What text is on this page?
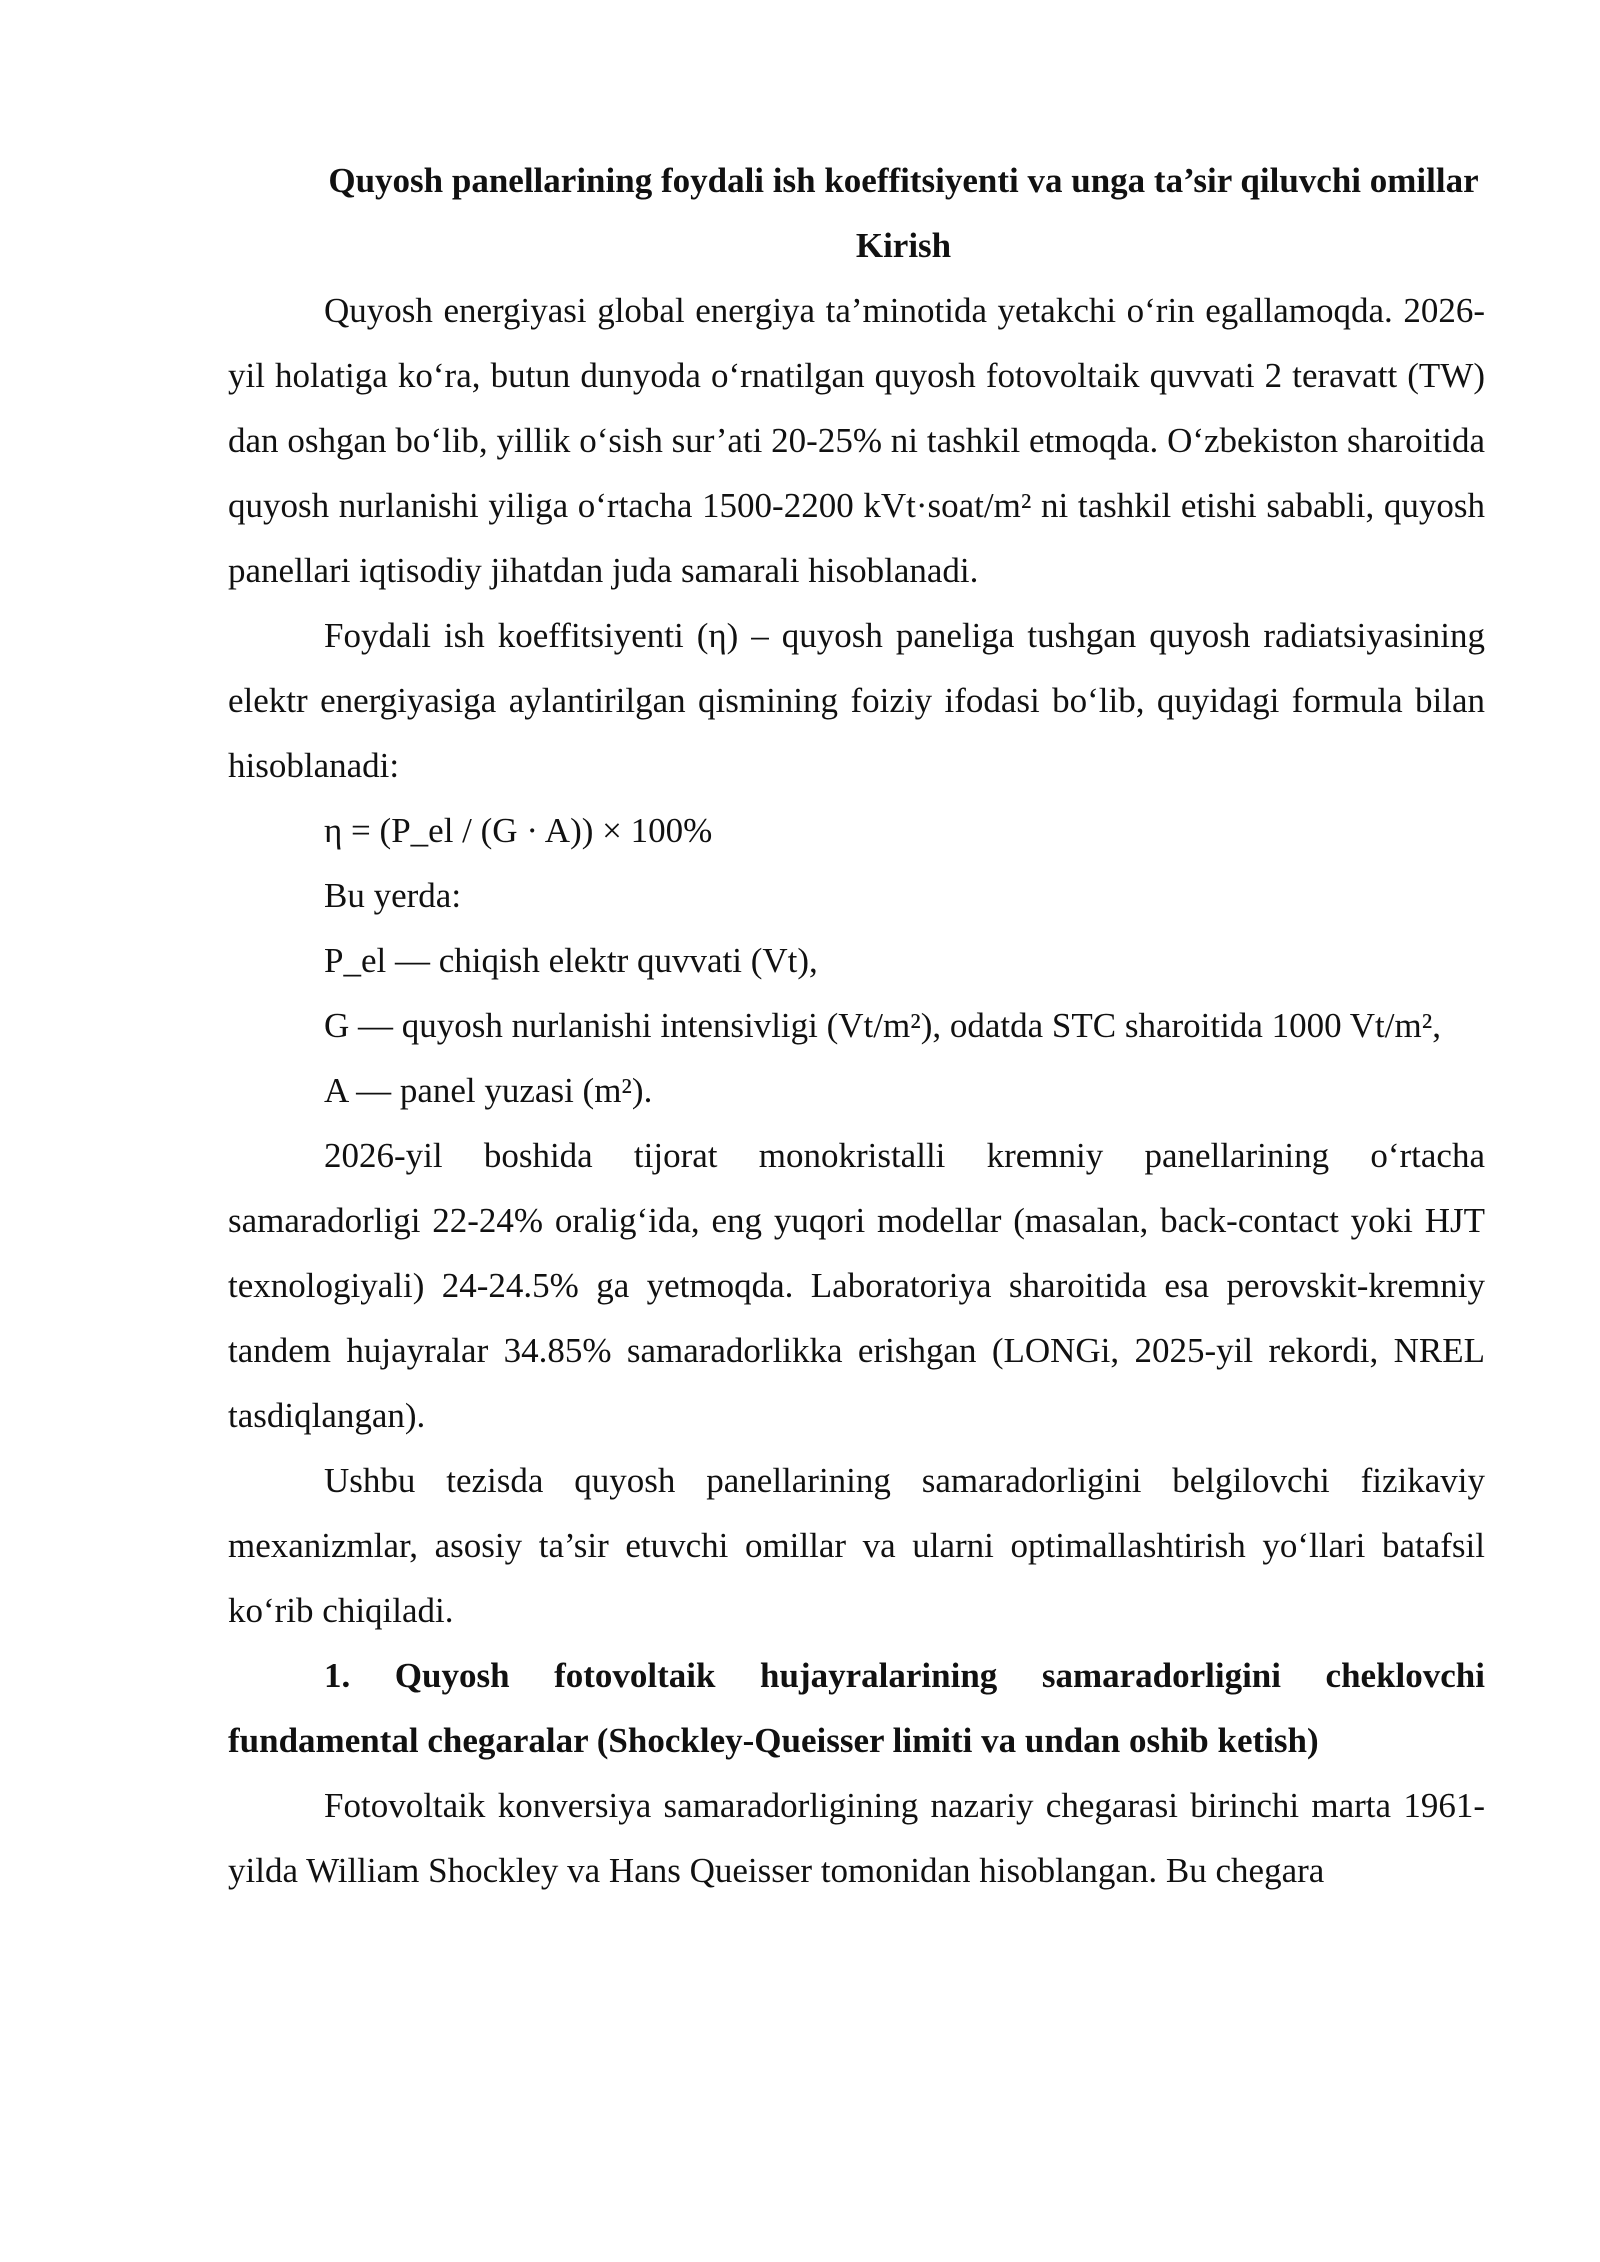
Quyosh panellarining foydali ish koeffitsiyenti va unga ta’sir qiluvchi omillar

Kirish

Quyosh energiyasi global energiya ta’minotida yetakchi o‘rin egallamoqda. 2026-yil holatiga ko‘ra, butun dunyoda o‘rnatilgan quyosh fotovoltaik quvvati 2 teravatt (TW) dan oshgan bo‘lib, yillik o‘sish sur’ati 20-25% ni tashkil etmoqda. O‘zbekiston sharoitida quyosh nurlanishi yiliga o‘rtacha 1500-2200 kVt·soat/m² ni tashkil etishi sababli, quyosh panellari iqtisodiy jihatdan juda samarali hisoblanadi.

Foydali ish koeffitsiyenti (η) – quyosh paneliga tushgan quyosh radiatsiyasining elektr energiyasiga aylantirilgan qismining foiziy ifodasi bo‘lib, quyidagi formula bilan hisoblanadi:

η = (P_el / (G · A)) × 100%

Bu yerda:

P_el — chiqish elektr quvvati (Vt),

G — quyosh nurlanishi intensivligi (Vt/m²), odatda STC sharoitida 1000 Vt/m²,

A — panel yuzasi (m²).

2026-yil boshida tijorat monokristalli kremniy panellarining o‘rtacha samaradorligi 22-24% oralig‘ida, eng yuqori modellar (masalan, back-contact yoki HJT texnologiyali) 24-24.5% ga yetmoqda. Laboratoriya sharoitida esa perovskit-kremniy tandem hujayralar 34.85% samaradorlikka erishgan (LONGi, 2025-yil rekordi, NREL tasdiqlangan).

Ushbu tezisda quyosh panellarining samaradorligini belgilovchi fizikaviy mexanizmlar, asosiy ta’sir etuvchi omillar va ularni optimallashtirish yo‘llari batafsil ko‘rib chiqiladi.

1. Quyosh fotovoltaik hujayralarining samaradorligini cheklovchi fundamental chegaralar (Shockley-Queisser limiti va undan oshib ketish)

Fotovoltaik konversiya samaradorligining nazariy chegarasi birinchi marta 1961-yilda William Shockley va Hans Queisser tomonidan hisoblangan. Bu chegara
